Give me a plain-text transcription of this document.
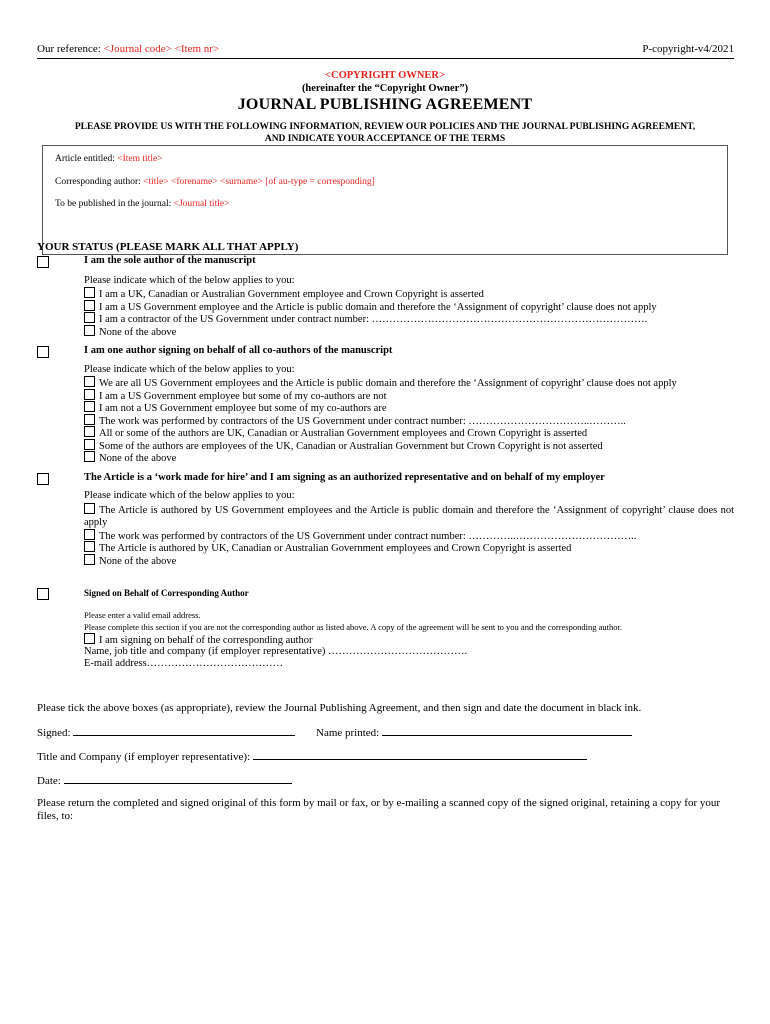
Our reference: <Journal code> <Item nr>	P-copyright-v4/2021
<COPYRIGHT OWNER>
(hereinafter the “Copyright Owner”)
JOURNAL PUBLISHING AGREEMENT
PLEASE PROVIDE US WITH THE FOLLOWING INFORMATION, REVIEW OUR POLICIES AND THE JOURNAL PUBLISHING AGREEMENT,
AND INDICATE YOUR ACCEPTANCE OF THE TERMS
Article entitled: <Item title>
Corresponding author: <title> <forename> <surname> [of au-type = corresponding]
To be published in the journal: <Journal title>
YOUR STATUS (PLEASE MARK ALL THAT APPLY)
I am the sole author of the manuscript
Please indicate which of the below applies to you:
I am a UK, Canadian or Australian Government employee and Crown Copyright is asserted
I am a US Government employee and the Article is public domain and therefore the ‘Assignment of copyright’ clause does not apply
I am a contractor of the US Government under contract number: …………………………………………………………………….
None of the above
I am one author signing on behalf of all co-authors of the manuscript
Please indicate which of the below applies to you:
We are all US Government employees and the Article is public domain and therefore the ‘Assignment of copyright’ clause does not apply
I am a US Government employee but some of my co-authors are not
I am not a US Government employee but some of my co-authors are
The work was performed by contractors of the US Government under contract number: ……………………………..………..
All or some of the authors are UK, Canadian or Australian Government employees and Crown Copyright is asserted
Some of the authors are employees of the UK, Canadian or Australian Government but Crown Copyright is not asserted
None of the above
The Article is a ‘work made for hire’ and I am signing as an authorized representative and on behalf of my employer
Please indicate which of the below applies to you:
The Article is authored by US Government employees and the Article is public domain and therefore the ‘Assignment of copyright’ clause does not apply
The work was performed by contractors of the US Government under contract number: …………..……………………………..
The Article is authored by UK, Canadian or Australian Government employees and Crown Copyright is asserted
None of the above
Signed on Behalf of Corresponding Author
Please enter a valid email address.
Please complete this section if you are not the corresponding author as listed above. A copy of the agreement will be sent to you and the corresponding author.
I am signing on behalf of the corresponding author
Name, job title and company (if employer representative) ………………………………….
E-mail address…………………………………
Please tick the above boxes (as appropriate), review the Journal Publishing Agreement, and then sign and date the document in black ink.
Signed:	Name printed:
Title and Company (if employer representative):
Date:
Please return the completed and signed original of this form by mail or fax, or by e-mailing a scanned copy of the signed original, retaining a copy for your files, to:
